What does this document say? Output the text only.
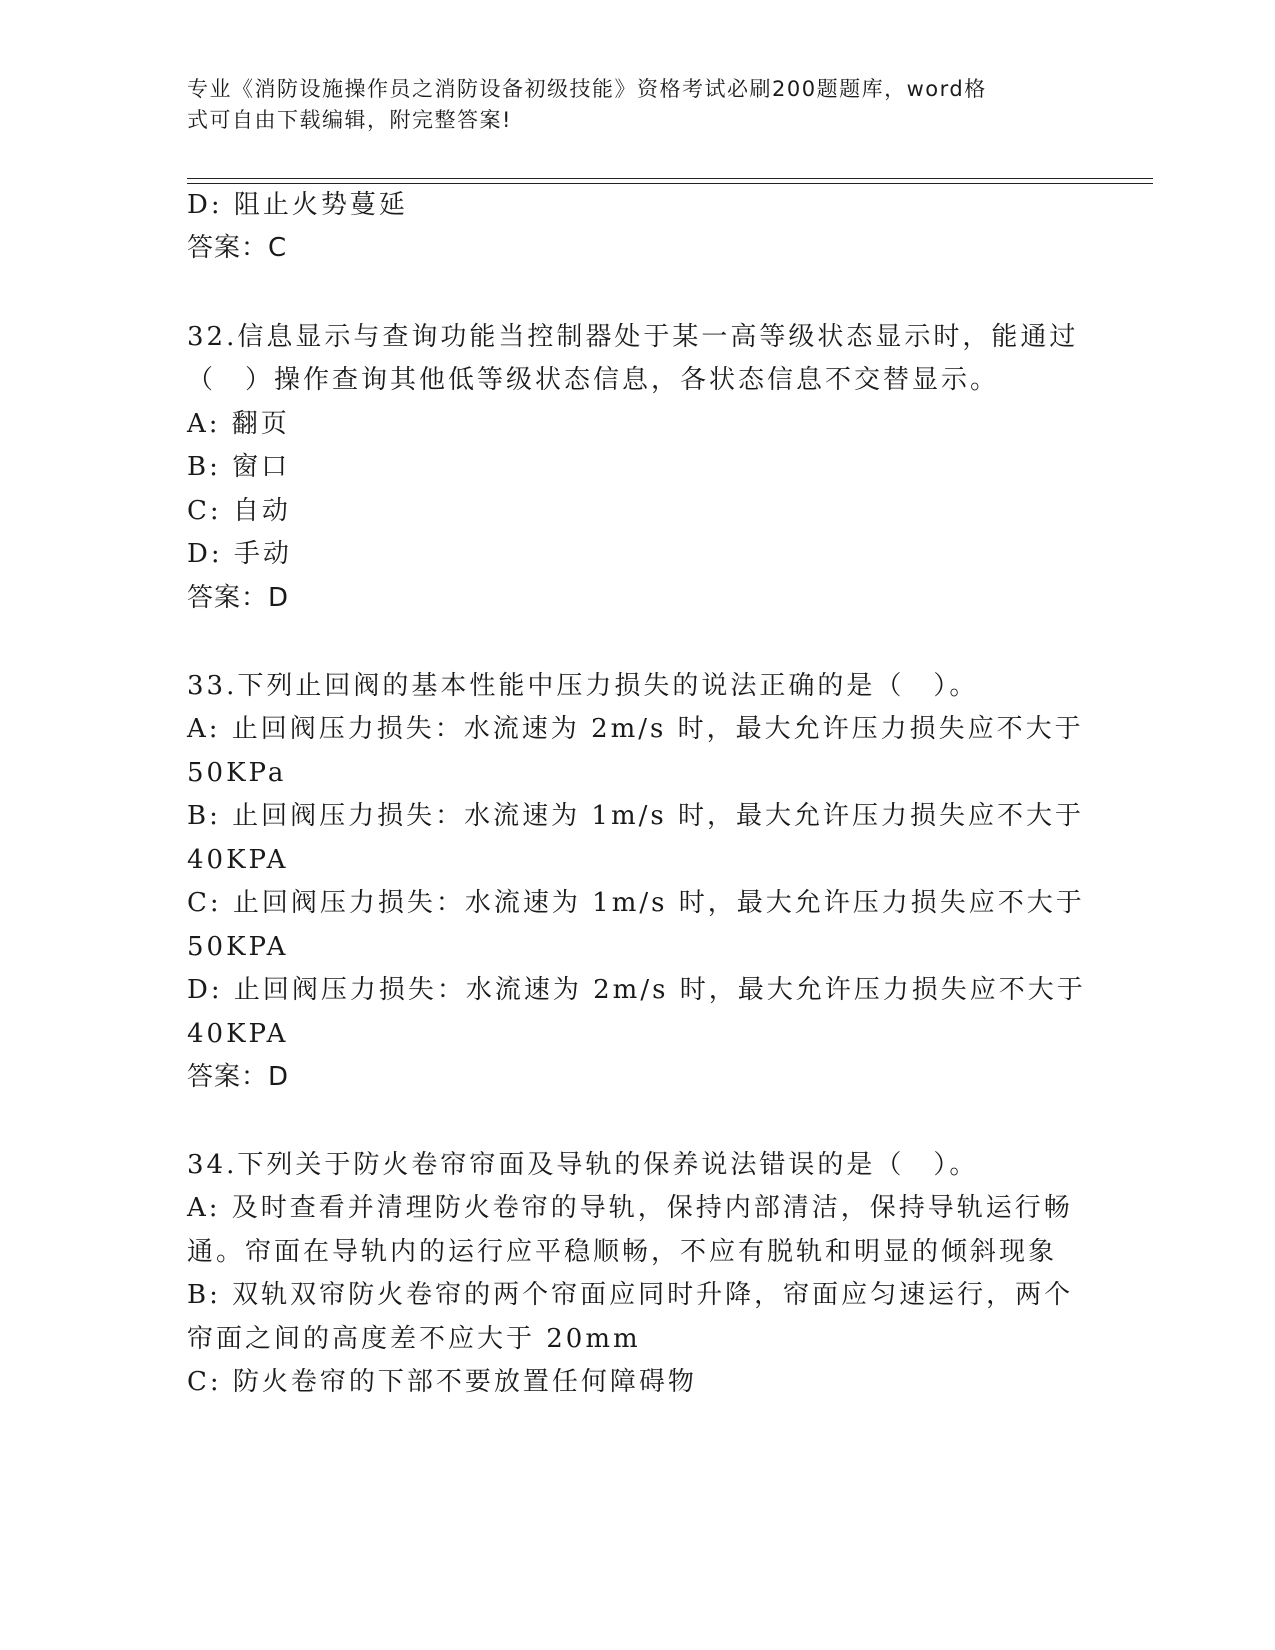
专业《消防设施操作员之消防设备初级技能》资格考试必刷200题题库，word格
式可自由下载编辑，附完整答案!
D: 阻止火势蔓延
答案：C
32.信息显示与查询功能当控制器处于某一高等级状态显示时，能通过
（　）操作查询其他低等级状态信息，各状态信息不交替显示。
A: 翻页
B: 窗口
C: 自动
D: 手动
答案：D
33.下列止回阀的基本性能中压力损失的说法正确的是（　）。
A: 止回阀压力损失：水流速为 2m/s 时，最大允许压力损失应不大于
50KPa
B: 止回阀压力损失：水流速为 1m/s 时，最大允许压力损失应不大于
40KPA
C: 止回阀压力损失：水流速为 1m/s 时，最大允许压力损失应不大于
50KPA
D: 止回阀压力损失：水流速为 2m/s 时，最大允许压力损失应不大于
40KPA
答案：D
34.下列关于防火卷帘帘面及导轨的保养说法错误的是（　）。
A: 及时查看并清理防火卷帘的导轨，保持内部清洁，保持导轨运行畅
通。帘面在导轨内的运行应平稳顺畅，不应有脱轨和明显的倾斜现象
B: 双轨双帘防火卷帘的两个帘面应同时升降，帘面应匀速运行，两个
帘面之间的高度差不应大于 20mm
C: 防火卷帘的下部不要放置任何障碍物
